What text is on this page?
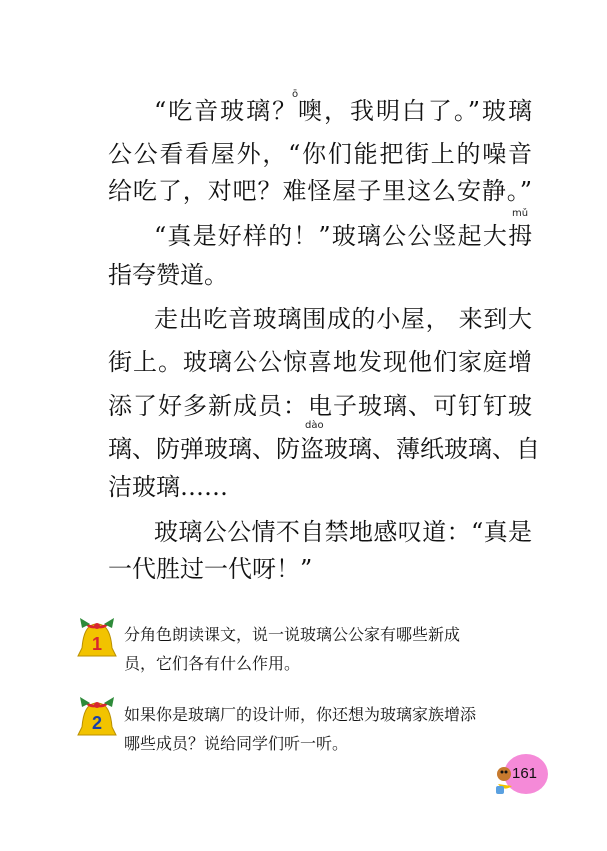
ō
mǔ
dào
“吃音玻璃？噢，我明白了。”玻璃
公公看看屋外，“你们能把街上的噪音
给吃了，对吧？难怪屋子里这么安静。”
“真是好样的！”玻璃公公竖起大拇
指夸赞道。
走出吃音玻璃围成的小屋， 来到大
街上。玻璃公公惊喜地发现他们家庭增
添了好多新成员：电子玻璃、可钉钉玻
璃、防弹玻璃、防盗玻璃、薄纸玻璃、自
洁玻璃……
玻璃公公情不自禁地感叹道：“真是
一代胜过一代呀！”
1 分角色朗读课文，说一说玻璃公公家有哪些新成
员，它们各有什么作用。
2 如果你是玻璃厂的设计师，你还想为玻璃家族增添
哪些成员？说给同学们听一听。
161
